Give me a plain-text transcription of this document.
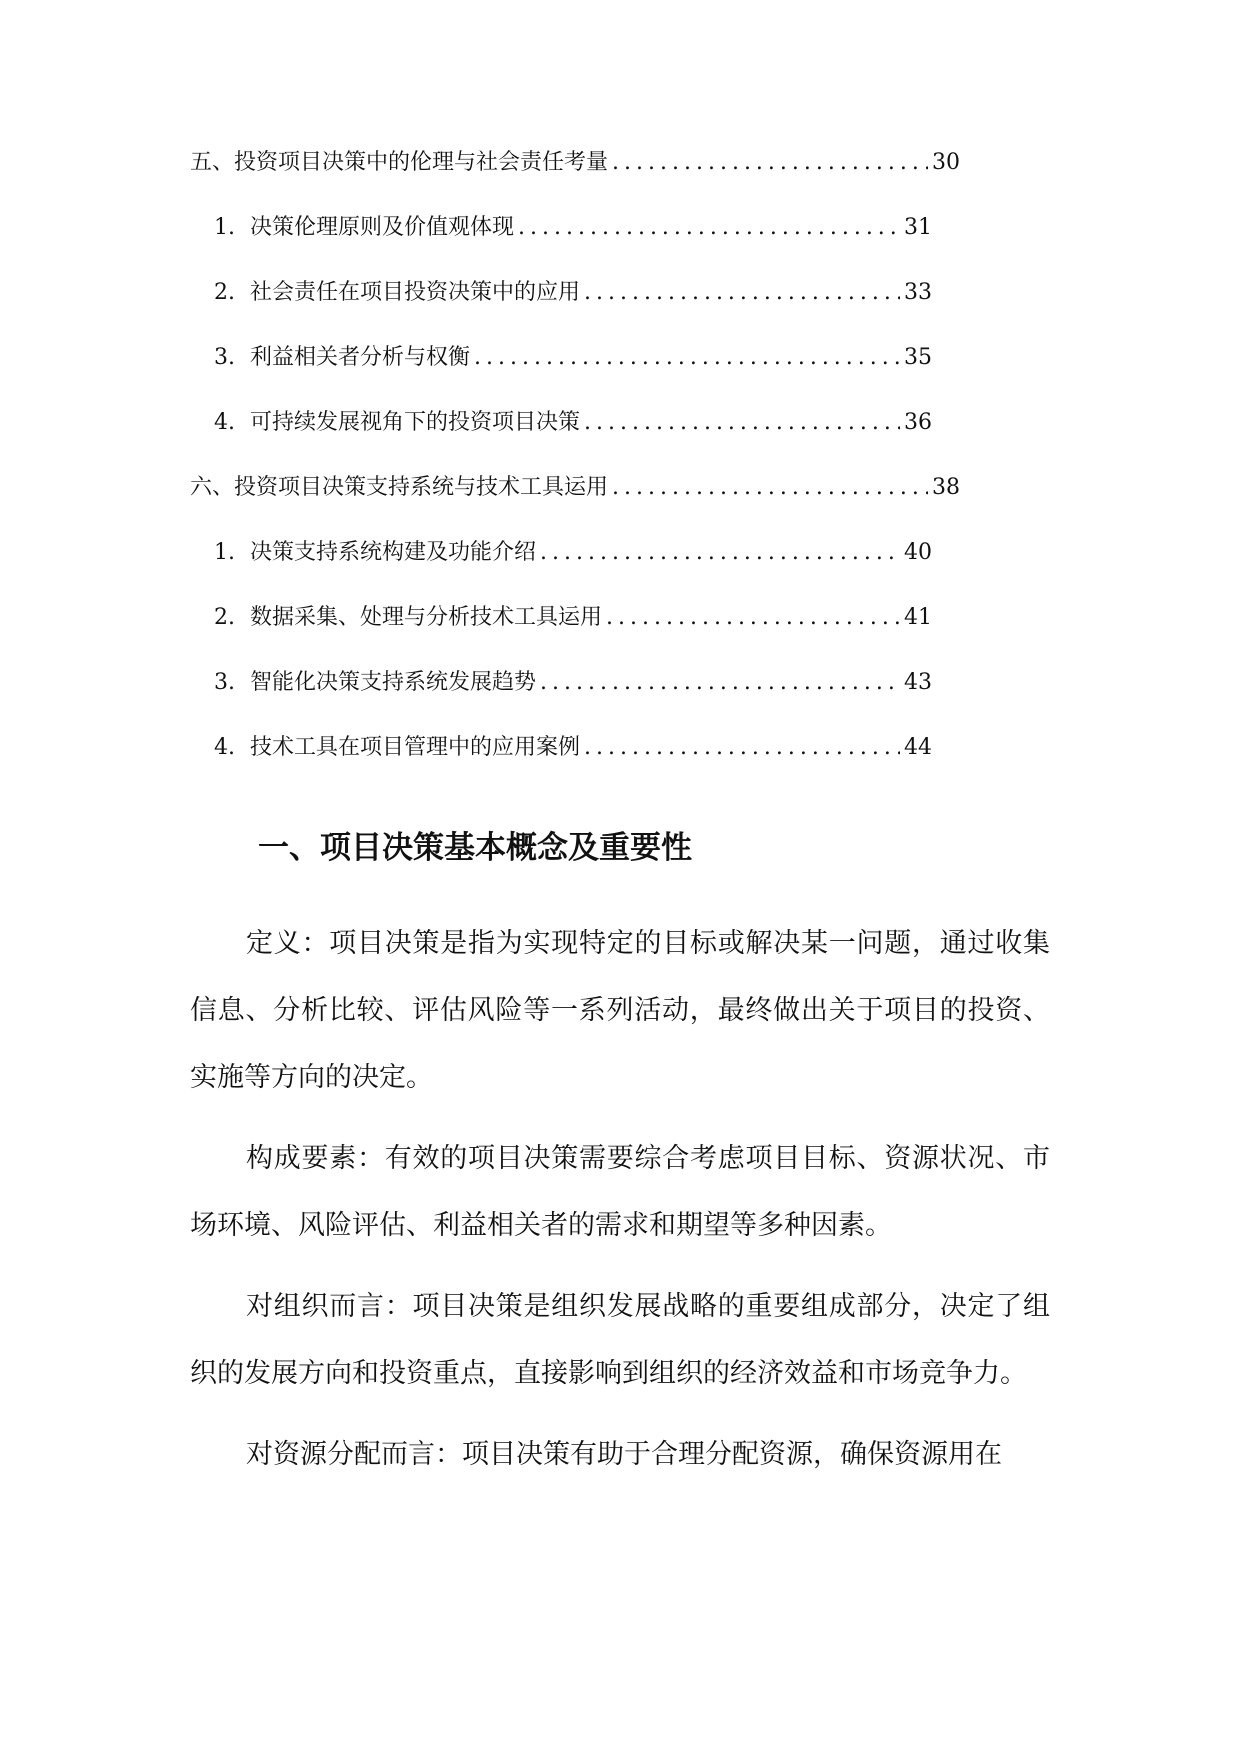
五、投资项目决策中的伦理与社会责任考量 .....	30
1. 决策伦理原则及价值观体现 .....	31
2. 社会责任在项目投资决策中的应用 .....	33
3. 利益相关者分析与权衡 .....	35
4. 可持续发展视角下的投资项目决策 .....	36
六、投资项目决策支持系统与技术工具运用 .....	38
1. 决策支持系统构建及功能介绍 .....	40
2. 数据采集、处理与分析技术工具运用 .....	41
3. 智能化决策支持系统发展趋势 .....	43
4. 技术工具在项目管理中的应用案例 .....	44
一、项目决策基本概念及重要性

定义：项目决策是指为实现特定的目标或解决某一问题，通过收集信息、分析比较、评估风险等一系列活动，最终做出关于项目的投资、实施等方向的决定。

构成要素：有效的项目决策需要综合考虑项目目标、资源状况、市场环境、风险评估、利益相关者的需求和期望等多种因素。

对组织而言：项目决策是组织发展战略的重要组成部分，决定了组织的发展方向和投资重点，直接影响到组织的经济效益和市场竞争力。

对资源分配而言：项目决策有助于合理分配资源，确保资源用在
